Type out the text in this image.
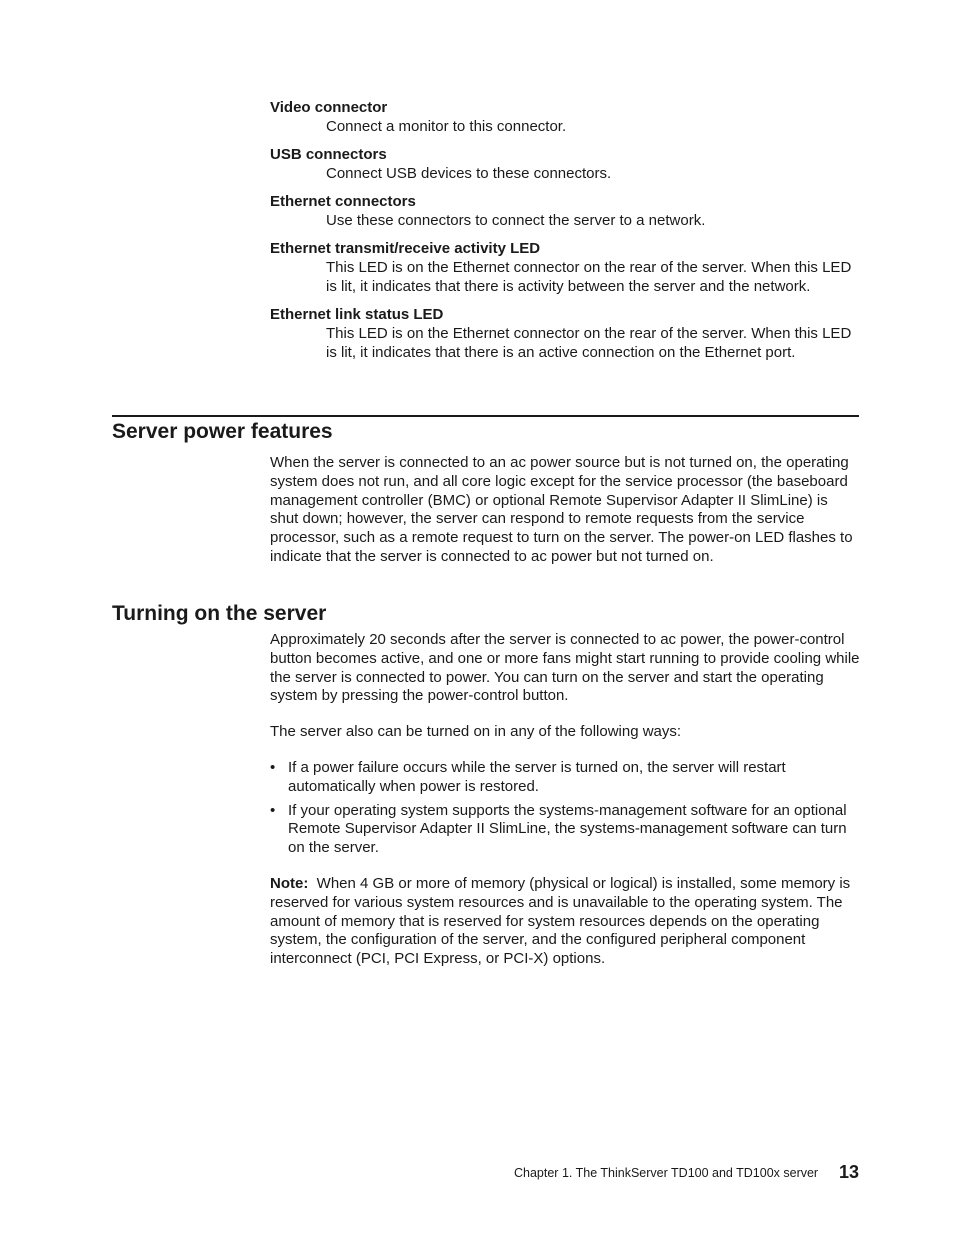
Video connector
Connect a monitor to this connector.
USB connectors
Connect USB devices to these connectors.
Ethernet connectors
Use these connectors to connect the server to a network.
Ethernet transmit/receive activity LED
This LED is on the Ethernet connector on the rear of the server. When this LED is lit, it indicates that there is activity between the server and the network.
Ethernet link status LED
This LED is on the Ethernet connector on the rear of the server. When this LED is lit, it indicates that there is an active connection on the Ethernet port.
Server power features
When the server is connected to an ac power source but is not turned on, the operating system does not run, and all core logic except for the service processor (the baseboard management controller (BMC) or optional Remote Supervisor Adapter II SlimLine) is shut down; however, the server can respond to remote requests from the service processor, such as a remote request to turn on the server. The power-on LED flashes to indicate that the server is connected to ac power but not turned on.
Turning on the server

Approximately 20 seconds after the server is connected to ac power, the power-control button becomes active, and one or more fans might start running to provide cooling while the server is connected to power. You can turn on the server and start the operating system by pressing the power-control button.

The server also can be turned on in any of the following ways:

• If a power failure occurs while the server is turned on, the server will restart automatically when power is restored.
• If your operating system supports the systems-management software for an optional Remote Supervisor Adapter II SlimLine, the systems-management software can turn on the server.

Note: When 4 GB or more of memory (physical or logical) is installed, some memory is reserved for various system resources and is unavailable to the operating system. The amount of memory that is reserved for system resources depends on the operating system, the configuration of the server, and the configured peripheral component interconnect (PCI, PCI Express, or PCI-X) options.

Chapter 1. The ThinkServer TD100 and TD100x server 13
